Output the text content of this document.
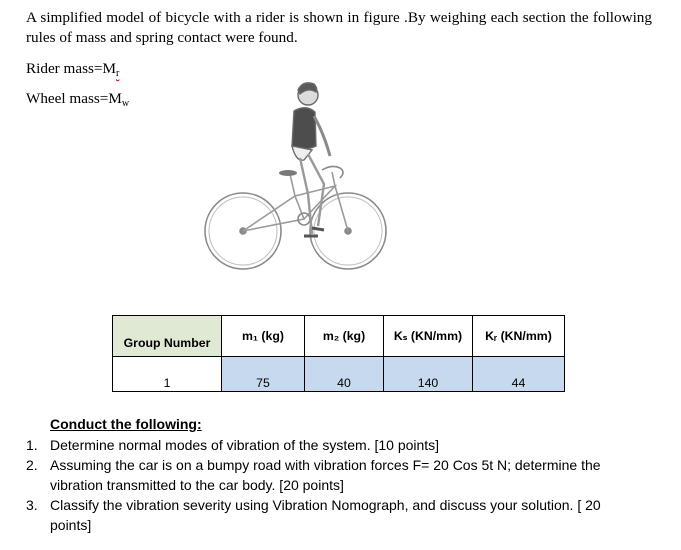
A simplified model of bicycle with a rider is shown in figure .By weighing each section the following rules of mass and spring contact were found.
Rider mass=Mr
Wheel mass=Mw
Group Number	m₁ (kg)	m₂ (kg)	Kₛ (KN/mm)	Kᵣ (KN/mm)
1	75	40	140	44
Conduct the following:
1. Determine normal modes of vibration of the system. [10 points]
2. Assuming the car is on a bumpy road with vibration forces F= 20 Cos 5t N; determine the vibration transmitted to the car body. [20 points]
3. Classify the vibration severity using Vibration Nomograph, and discuss your solution. [ 20 points]
